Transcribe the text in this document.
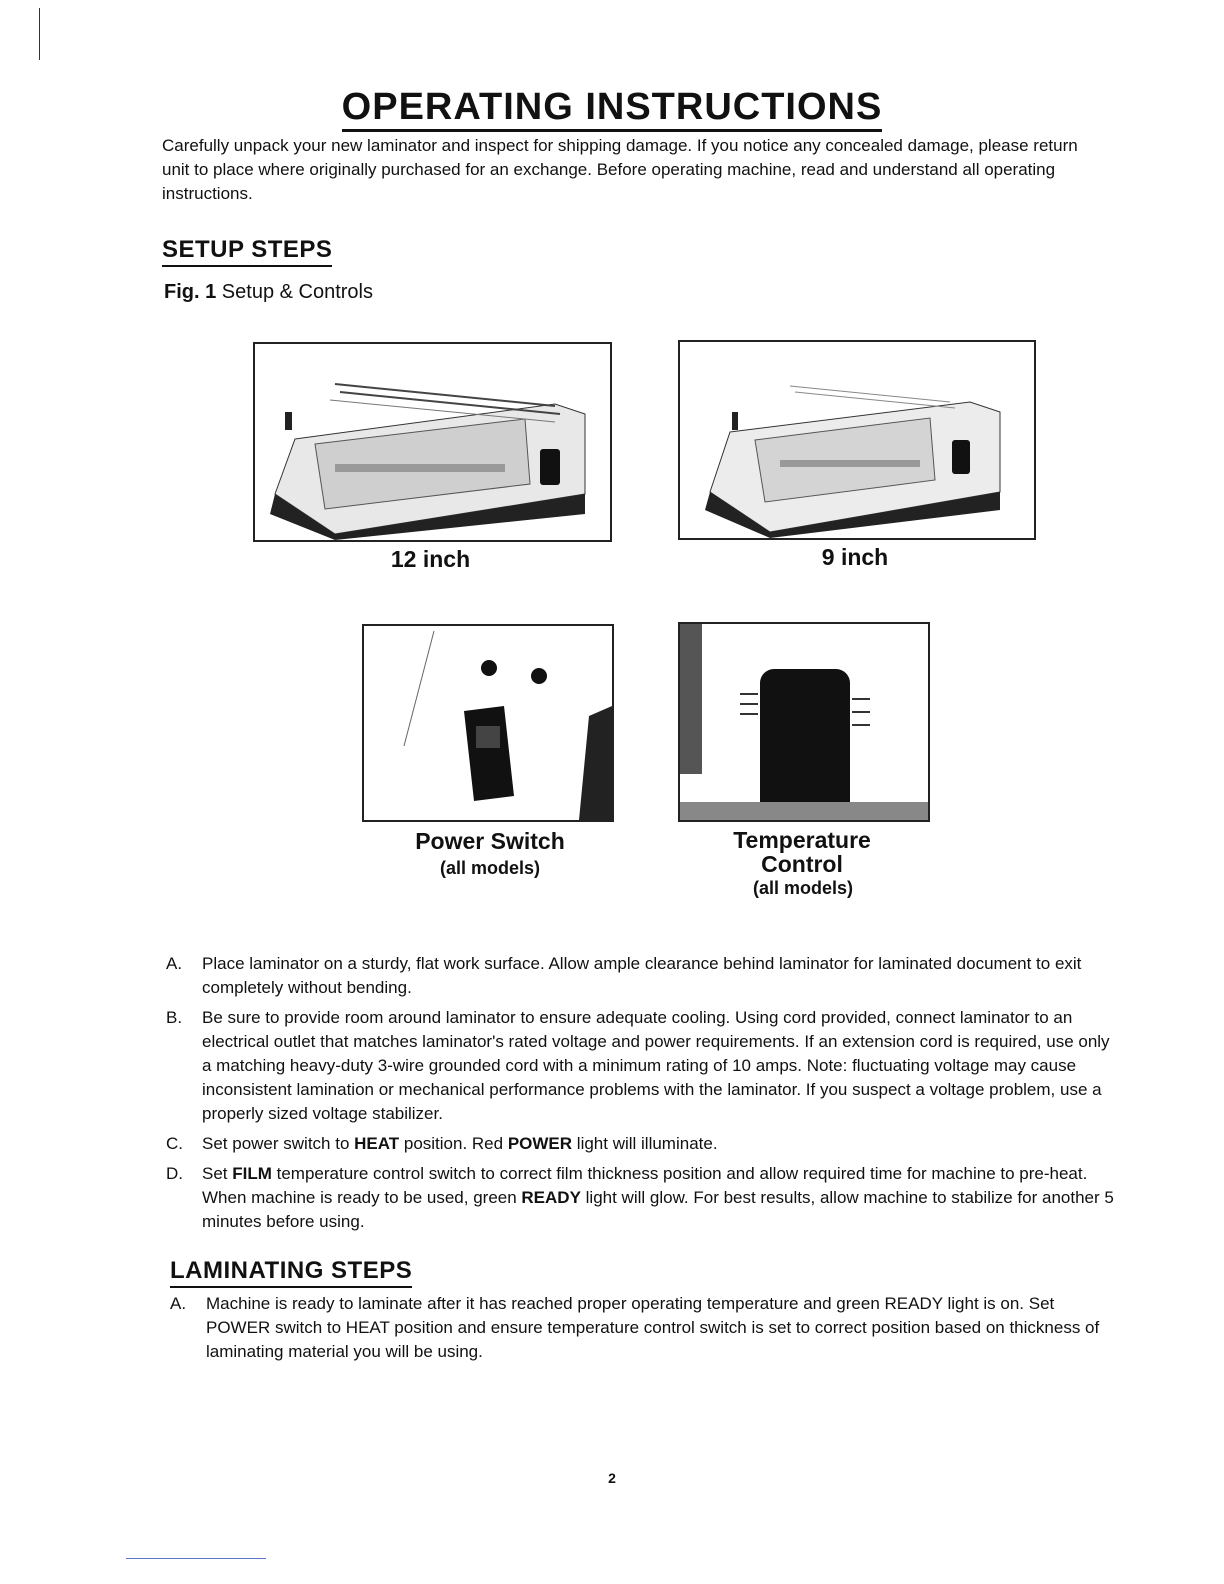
OPERATING INSTRUCTIONS

Carefully unpack your new laminator and inspect for shipping damage. If you notice any concealed damage, please return unit to place where originally purchased for an exchange. Before operating machine, read and understand all operating instructions.

SETUP STEPS

Fig. 1 Setup & Controls

12 inch	9 inch

Power Switch

(all models)

Temperature
Control

(all models)

A. Place laminator on a sturdy, flat work surface. Allow ample clearance behind laminator for laminated document to exit completely without bending.
B. Be sure to provide room around laminator to ensure adequate cooling. Using cord provided, connect laminator to an electrical outlet that matches laminator's rated voltage and power requirements. If an extension cord is required, use only a matching heavy-duty 3-wire grounded cord with a minimum rating of 10 amps. Note: fluctuating voltage may cause inconsistent lamination or mechanical performance problems with the laminator. If you suspect a voltage problem, use a properly sized voltage stabilizer.
C. Set power switch to HEAT position. Red POWER light will illuminate.
D. Set FILM temperature control switch to correct film thickness position and allow required time for machine to pre-heat. When machine is ready to be used, green READY light will glow. For best results, allow machine to stabilize for another 5 minutes before using.
LAMINATING STEPS
A. Machine is ready to laminate after it has reached proper operating temperature and green READY light is on. Set POWER switch to HEAT position and ensure temperature control switch is set to correct position based on thickness of laminating material you will be using.

2
